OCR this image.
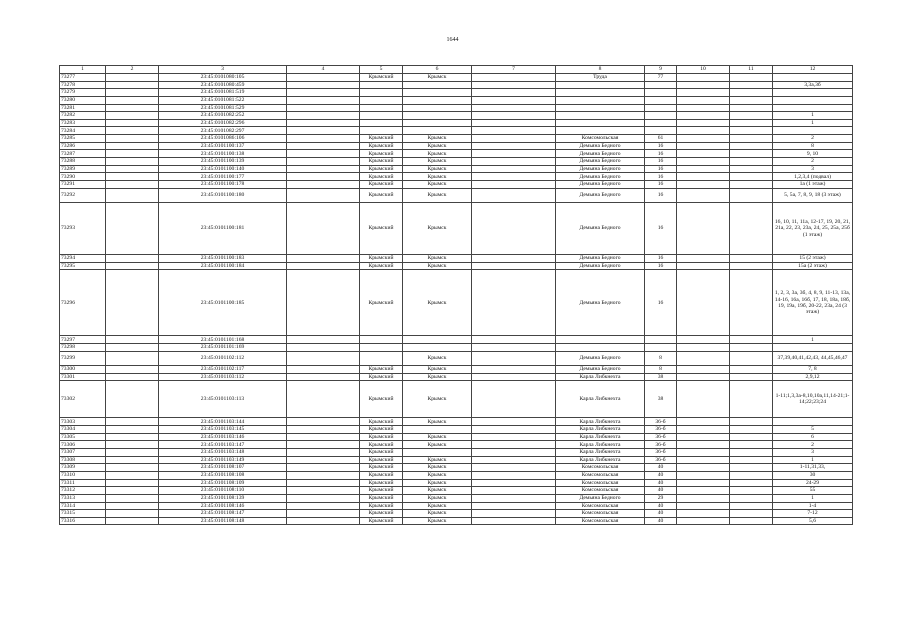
1644
1	2	3	4	5	6	7	8	9	10	11	12
73277		23:45:0101080:105		Крымский	Крымск		Труда	77			
73278		23:45:0101080:459									3,3а,3б
73279		23:45:0101081:519									
73280		23:45:0101081:522									
73281		23:45:0101081:529									
73282		23:45:0101082:252									1
73283		23:45:0101082:296									1
73284		23:45:0101082:297									
73285		23:45:0101086:106		Крымский	Крымск		Комсомольская	61			2
73286		23:45:0101100:137		Крымский	Крымск		Демьяна Бедного	16			8
73287		23:45:0101100:138		Крымский	Крымск		Демьяна Бедного	16			9, 10
73288		23:45:0101100:139		Крымский	Крымск		Демьяна Бедного	16			2
73289		23:45:0101100:140		Крымский	Крымск		Демьяна Бедного	16			3
73290		23:45:0101100:177		Крымский	Крымск		Демьяна Бедного	16			1,2,3,4 (подвал)
73291		23:45:0101100:178		Крымский	Крымск		Демьяна Бедного	16			1а (1 этаж)
73292		23:45:0101100:180		Крымский	Крымск		Демьяна Бедного	16			5, 5а, 7, 8, 9, 18 (3 этаж)
73293		23:45:0101100:181		Крымский	Крымск		Демьяна Бедного	16			16, 10, 11, 11а, 12-17, 19, 20, 21, 21а, 22, 23, 23а, 24, 25, 25а, 25б (1 этаж)
73294		23:45:0101100:183		Крымский	Крымск		Демьяна Бедного	16			15 (2 этаж)
73295		23:45:0101100:184		Крымский	Крымск		Демьяна Бедного	16			15а (2 этаж)
73296		23:45:0101100:185		Крымский	Крымск		Демьяна Бедного	16			1, 2, 3, 3а, 3б, 4, 8, 9, 11-13, 13а, 14-16, 16а, 16б, 17, 18, 18а, 18б, 19, 19а, 19б, 20-22, 23а, 24 (3 этаж)
73297		23:45:0101101:168									1
73298		23:45:0101101:169									
73299		23:45:0101102:112			Крымск		Демьяна Бедного	8			37,39,40,41,42,43, 44,45,46,47
73300		23:45:0101102:117		Крымский	Крымск		Демьяна Бедного	8			7, 8
73301		23:45:0101103:112		Крымский	Крымск		Карла Либкнехта	38			2,9,12
73302		23:45:0101103:113		Крымский	Крымск		Карла Либкнехта	38			1-11;1,3,3а-8,10,10а,11,14-21;1-14;22;23;24
73303		23:45:0101103:144		Крымский	Крымск		Карла Либкнехта	36-б			
73304		23:45:0101103:145		Крымский			Карла Либкнехта	36-б			5
73305		23:45:0101103:146		Крымский	Крымск		Карла Либкнехта	36-б			6
73306		23:45:0101103:147		Крымский	Крымск		Карла Либкнехта	36-б			2
73307		23:45:0101103:148		Крымский			Карла Либкнехта	36-б			3
73308		23:45:0101103:149		Крымский	Крымск		Карла Либкнехта	36-б			1
73309		23:45:0101108:107		Крымский	Крымск		Комсомольская	40			1-11,31,33,
73310		23:45:0101108:108		Крымский	Крымск		Комсомольская	40			30
73311		23:45:0101108:109		Крымский	Крымск		Комсомольская	40			24-29
73312		23:45:0101108:110		Крымский	Крымск		Комсомольская	40			55
73313		23:45:0101108:139		Крымский	Крымск		Демьяна Бедного	29			1
73314		23:45:0101108:146		Крымский	Крымск		Комсомольская	40			1-4
73315		23:45:0101108:147		Крымский	Крымск		Комсомольская	40			7-12
73316		23:45:0101108:148		Крымский	Крымск		Комсомольская	40			5,6
